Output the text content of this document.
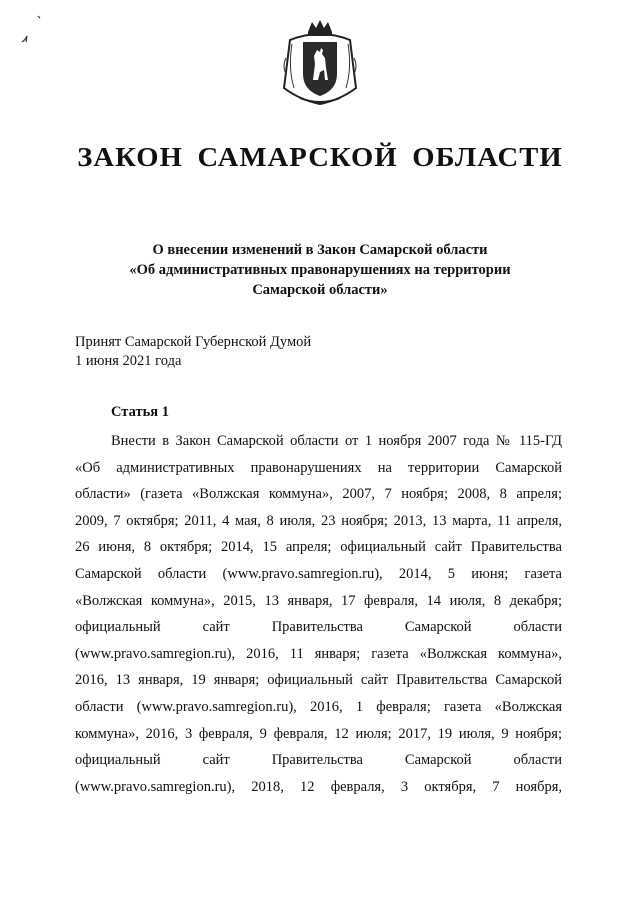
ЗАКОН САМАРСКОЙ ОБЛАСТИ
О внесении изменений в Закон Самарской области
«Об административных правонарушениях на территории
Самарской области»
Принят Самарской Губернской Думой
1 июня 2021 года
Статья 1
Внести в Закон Самарской области от 1 ноября 2007 года № 115-ГД
«Об административных правонарушениях на территории Самарской
области» (газета «Волжская коммуна», 2007, 7 ноября; 2008, 8 апреля;
2009, 7 октября; 2011, 4 мая, 8 июля, 23 ноября; 2013, 13 марта, 11 апреля,
26 июня, 8 октября; 2014, 15 апреля; официальный сайт Правительства
Самарской области (www.pravo.samregion.ru), 2014, 5 июня; газета
«Волжская коммуна», 2015, 13 января, 17 февраля, 14 июля, 8 декабря;
официальный сайт Правительства Самарской области
(www.pravo.samregion.ru), 2016, 11 января; газета «Волжская коммуна»,
2016, 13 января, 19 января; официальный сайт Правительства Самарской
области (www.pravo.samregion.ru), 2016, 1 февраля; газета «Волжская
коммуна», 2016, 3 февраля, 9 февраля, 12 июля; 2017, 19 июля, 9 ноября;
официальный сайт Правительства Самарской области
(www.pravo.samregion.ru), 2018, 12 февраля, 3 октября, 7 ноября,
